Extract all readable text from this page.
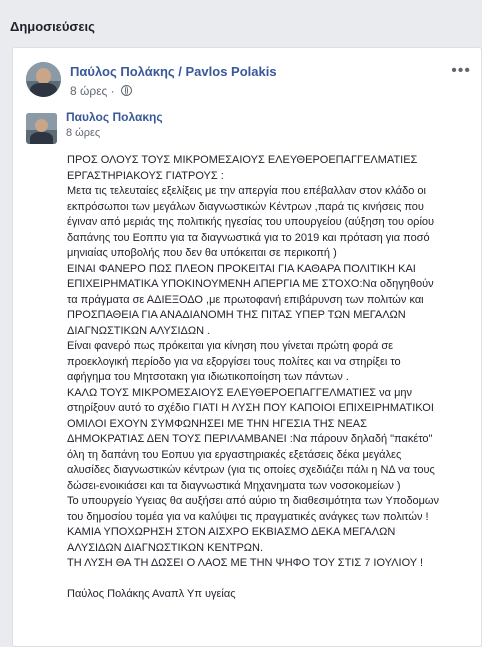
Δημοσιεύσεις
Παύλος Πολάκης / Pavlos Polakis
8 ώρες ·
•••
Παυλος Πολακης
8 ώρες
ΠΡΟΣ ΟΛΟΥΣ ΤΟΥΣ ΜΙΚΡΟΜΕΣΑΙΟΥΣ ΕΛΕΥΘΕΡΟΕΠΑΓΓΕΛΜΑΤΙΕΣ
ΕΡΓΑΣΤΗΡΙΑΚΟΥΣ ΓΙΑΤΡΟΥΣ :
Μετα τις τελευταίες εξελίξεις με την απεργία που επέβαλλαν στον κλάδο οι
εκπρόσωποι των μεγάλων διαγνωστικών Κέντρων ,παρά τις κινήσεις που
έγιναν από μεριάς της πολιτικής ηγεσίας του υπουργείου (αύξηση του ορίου
δαπάνης του Εοππυ για τα διαγνωστικά για το 2019 και πρόταση για ποσό
μηνιαίας υποβολής που δεν θα υπόκειται σε περικοπή )
ΕΙΝΑΙ ΦΑΝΕΡΟ ΠΩΣ ΠΛΕΟΝ ΠΡΟΚΕΙΤΑΙ ΓΙΑ ΚΑΘΑΡΑ ΠΟΛΙΤΙΚΗ ΚΑΙ
ΕΠΙΧΕΙΡΗΜΑΤΙΚΑ ΥΠΟΚΙΝΟΥΜΕΝΗ ΑΠΕΡΓΙΑ ΜΕ ΣΤΟΧΟ:Να οδηγηθούν
τα πράγματα σε ΑΔΙΕΞΟΔΟ ,με πρωτοφανή επιβάρυνση των πολιτών και
ΠΡΟΣΠΑΘΕΙΑ ΓΙΑ ΑΝΑΔΙΑΝΟΜΗ ΤΗΣ ΠΙΤΑΣ ΥΠΕΡ ΤΩΝ ΜΕΓΑΛΩΝ
ΔΙΑΓΝΩΣΤΙΚΩΝ ΑΛΥΣΙΔΩΝ .
Είναι φανερό πως πρόκειται για κίνηση που γίνεται πρώτη φορά σε
προεκλογική περίοδο για να εξοργίσει τους πολίτες και να στηρίξει το
αφήγημα του Μητσοτακη για ιδιωτικοποίηση των πάντων .
ΚΑΛΩ ΤΟΥΣ ΜΙΚΡΟΜΕΣΑΙΟΥΣ ΕΛΕΥΘΕΡΟΕΠΑΓΓΕΛΜΑΤΙΕΣ να μην
στηρίξουν αυτό το σχέδιο ΓΙΑΤΙ Η ΛΥΣΗ ΠΟΥ ΚΑΠΟΙΟΙ ΕΠΙΧΕΙΡΗΜΑΤΙΚΟΙ
ΟΜΙΛΟΙ ΕΧΟΥΝ ΣΥΜΦΩΝΗΣΕΙ ΜΕ ΤΗΝ ΗΓΕΣΙΑ ΤΗΣ ΝΕΑΣ
ΔΗΜΟΚΡΑΤΙΑΣ ΔΕΝ ΤΟΥΣ ΠΕΡΙΛΑΜΒΑΝΕΙ :Να πάρουν δηλαδή "πακέτο"
όλη τη δαπάνη του Εοπυυ για εργαστηριακές εξετάσεις δέκα μεγάλες
αλυσίδες διαγνωστικών κέντρων (για τις οποίες σχεδιάζει πάλι η ΝΔ να τους
δώσει-ενοικιάσει και τα διαγνωστικά Μηχανηματα των νοσοκομείων )
Το υπουργείο Υγειας θα αυξήσει από αύριο τη διαθεσιμότητα των Υποδομων
του δημοσίου τομέα για να καλύψει τις πραγματικές ανάγκες των πολιτών !
ΚΑΜΙΑ ΥΠΟΧΩΡΗΣΗ ΣΤΟΝ ΑΙΣΧΡΟ ΕΚΒΙΑΣΜΟ ΔΕΚΑ ΜΕΓΑΛΩΝ
ΑΛΥΣΙΔΩΝ ΔΙΑΓΝΩΣΤΙΚΩΝ ΚΕΝΤΡΩΝ.
ΤΗ ΛΥΣΗ ΘΑ ΤΗ ΔΩΣΕΙ Ο ΛΑΟΣ ΜΕ ΤΗΝ ΨΗΦΟ ΤΟΥ ΣΤΙΣ 7 ΙΟΥΛΙΟΥ !
Παύλος Πολάκης Αναπλ Υπ υγείας
